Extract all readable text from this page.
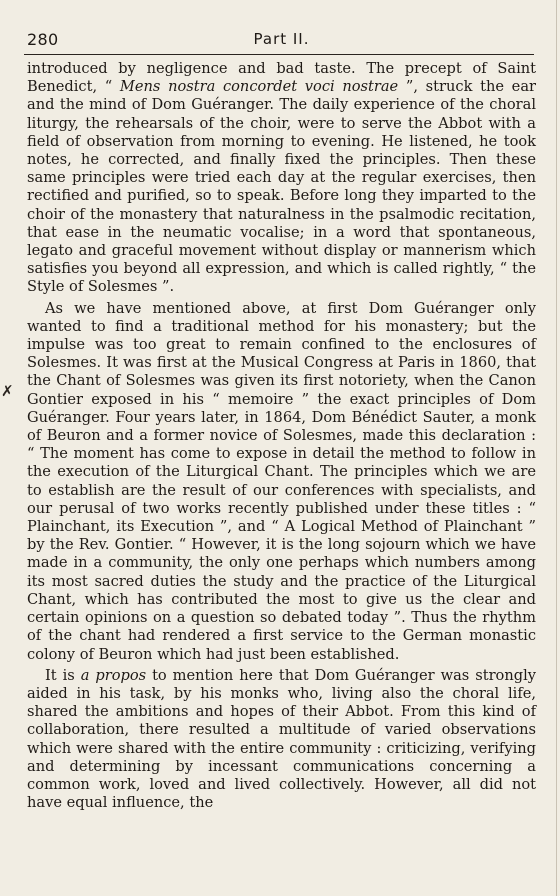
280	Part II.
✗

introduced by negligence and bad taste. The precept of Saint Benedict, “ Mens nostra concordet voci nostrae ”, struck the ear and the mind of Dom Guéranger. The daily experience of the choral liturgy, the rehearsals of the choir, were to serve the Abbot with a field of observation from morning to evening. He listened, he took notes, he corrected, and finally fixed the principles. Then these same principles were tried each day at the regular exercises, then rectified and purified, so to speak. Before long they imparted to the choir of the monastery that naturalness in the psalmodic recitation, that ease in the neumatic vocalise; in a word that spontaneous, legato and graceful movement without display or mannerism which satisfies you beyond all expression, and which is called rightly, “ the Style of Solesmes ”.

As we have mentioned above, at first Dom Guéranger only wanted to find a traditional method for his monastery; but the impulse was too great to remain confined to the enclosures of Solesmes. It was first at the Musical Congress at Paris in 1860, that the Chant of Solesmes was given its first notoriety, when the Canon Gontier exposed in his “ memoire ” the exact principles of Dom Guéranger. Four years later, in 1864, Dom Bénédict Sauter, a monk of Beuron and a former novice of Solesmes, made this declaration : “ The moment has come to expose in detail the method to follow in the execution of the Liturgical Chant. The principles which we are to establish are the result of our conferences with specialists, and our perusal of two works recently published under these titles : “ Plainchant, its Execution ”, and “ A Logical Method of Plainchant ” by the Rev. Gontier. “ However, it is the long sojourn which we have made in a community, the only one perhaps which numbers among its most sacred duties the study and the practice of the Liturgical Chant, which has contributed the most to give us the clear and certain opinions on a question so debated today ”. Thus the rhythm of the chant had rendered a first service to the German monastic colony of Beuron which had just been established.

It is a propos to mention here that Dom Guéranger was strongly aided in his task, by his monks who, living also the choral life, shared the ambitions and hopes of their Abbot. From this kind of collaboration, there resulted a multitude of varied observations which were shared with the entire community : criticizing, verifying and determining by incessant communications concerning a common work, loved and lived collectively. However, all did not have equal influence, the
